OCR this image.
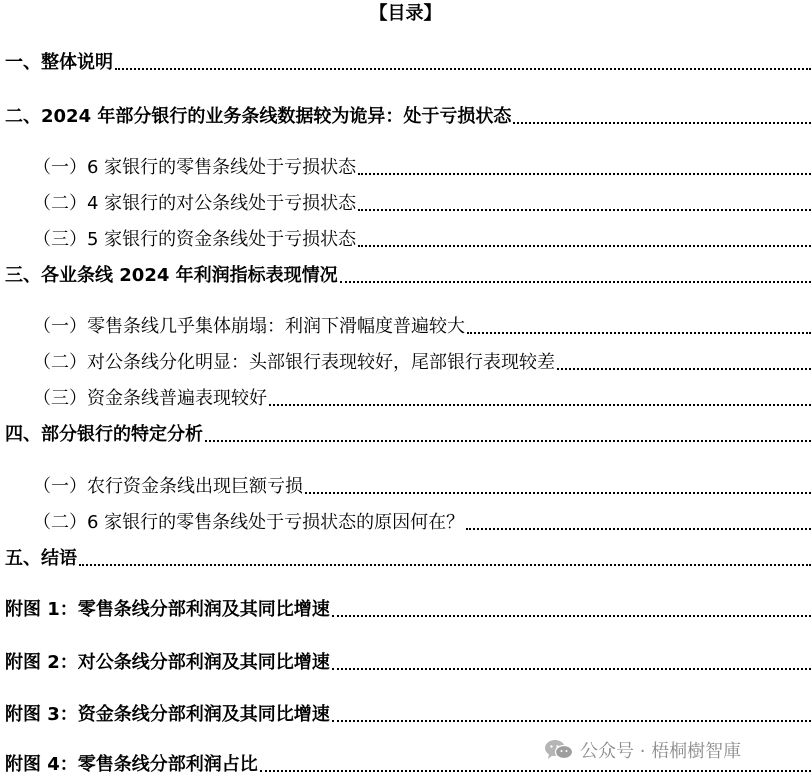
【目录】
一、整体说明
二、2024 年部分银行的业务条线数据较为诡异：处于亏损状态
（一）6 家银行的零售条线处于亏损状态
（二）4 家银行的对公条线处于亏损状态
（三）5 家银行的资金条线处于亏损状态
三、各业条线 2024 年利润指标表现情况
（一）零售条线几乎集体崩塌：利润下滑幅度普遍较大
（二）对公条线分化明显：头部银行表现较好，尾部银行表现较差
（三）资金条线普遍表现较好
四、部分银行的特定分析
（一）农行资金条线出现巨额亏损
（二）6 家银行的零售条线处于亏损状态的原因何在？
五、结语
附图 1：零售条线分部利润及其同比增速
附图 2：对公条线分部利润及其同比增速
附图 3：资金条线分部利润及其同比增速
附图 4：零售条线分部利润占比
公众号 · 梧桐樹智庫
